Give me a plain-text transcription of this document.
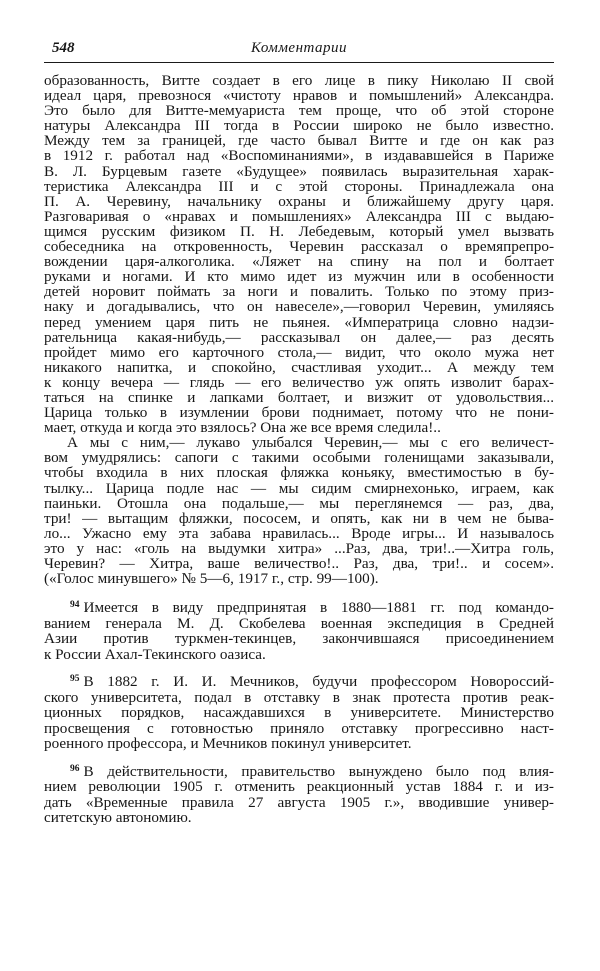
548	Комментарии

образованность, Витте создает в его лице в пику Николаю II свой
идеал царя, превознося «чистоту нравов и помышлений» Александра.
Это было для Витте-мемуариста тем проще, что об этой стороне
натуры Александра III тогда в России широко не было известно.
Между тем за границей, где часто бывал Витте и где он как раз
в 1912 г. работал над «Воспоминаниями», в издававшейся в Париже
В. Л. Бурцевым газете «Будущее» появилась выразительная харак-
теристика Александра III и с этой стороны. Принадлежала она
П. А. Черевину, начальнику охраны и ближайшему другу царя.
Разговаривая о «нравах и помышлениях» Александра III с выдаю-
щимся русским физиком П. Н. Лебедевым, который умел вызвать
собеседника на откровенность, Черевин рассказал о времяпрепро-
вождении царя-алкоголика. «Ляжет на спину на пол и болтает
руками и ногами. И кто мимо идет из мужчин или в особенности
детей норовит поймать за ноги и повалить. Только по этому приз-
наку и догадывались, что он навеселе»,—говорил Черевин, умиляясь
перед умением царя пить не пьянея. «Императрица словно надзи-
рательница какая-нибудь,— рассказывал он далее,— раз десять
пройдет мимо его карточного стола,— видит, что около мужа нет
никакого напитка, и спокойно, счастливая уходит... А между тем
к концу вечера — глядь — его величество уж опять изволит барах-
таться на спинке и лапками болтает, и визжит от удовольствия...
Царица только в изумлении брови поднимает, потому что не пони-
мает, откуда и когда это взялось? Она же все время следила!..

А мы с ним,— лукаво улыбался Черевин,— мы с его величест-
вом умудрялись: сапоги с такими особыми голенищами заказывали,
чтобы входила в них плоская фляжка коньяку, вместимостью в бу-
тылку... Царица подле нас — мы сидим смирнехонько, играем, как
паиньки. Отошла она подальше,— мы переглянемся — раз, два,
три! — вытащим фляжки, пососем, и опять, как ни в чем не быва-
ло... Ужасно ему эта забава нравилась... Вроде игры... И называлось
это у нас: «голь на выдумки хитра» ...Раз, два, три!..—Хитра голь,
Черевин? — Хитра, ваше величество!.. Раз, два, три!.. и сосем».
(«Голос минувшего» № 5—6, 1917 г., стр. 99—100).

$^{94}$ Имеется в виду предпринятая в 1880—1881 гг. под командо-
ванием генерала М. Д. Скобелева военная экспедиция в Средней
Азии против туркмен-текинцев, закончившаяся присоединением
к России Ахал-Текинского оазиса.
$^{95}$ В 1882 г. И. И. Мечников, будучи профессором Новороссий-
ского университета, подал в отставку в знак протеста против реак-
ционных порядков, насаждавшихся в университете. Министерство
просвещения с готовностью приняло отставку прогрессивно наст-
роенного профессора, и Мечников покинул университет.
$^{96}$ В действительности, правительство вынуждено было под влия-
нием революции 1905 г. отменить реакционный устав 1884 г. и из-
дать «Временные правила 27 августа 1905 г.», вводившие универ-
ситетскую автономию.
